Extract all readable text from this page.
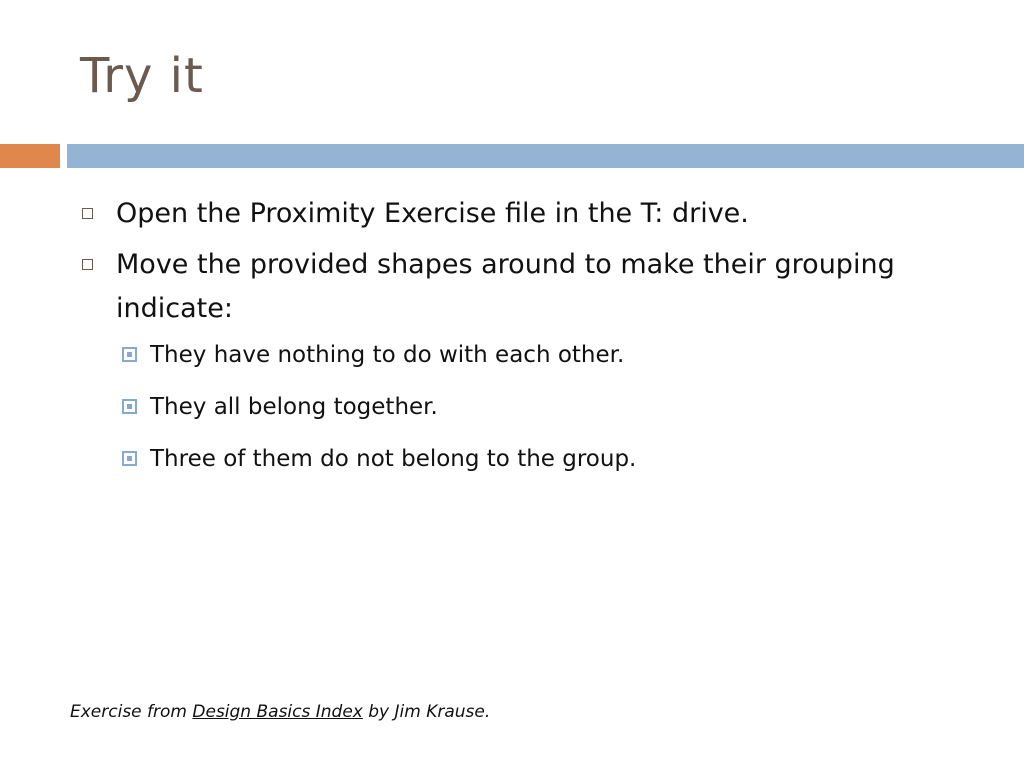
Try it
Open the Proximity Exercise file in the T: drive.
Move the provided shapes around to make their grouping indicate:
They have nothing to do with each other.
They all belong together.
Three of them do not belong to the group.
Exercise from Design Basics Index by Jim Krause.
